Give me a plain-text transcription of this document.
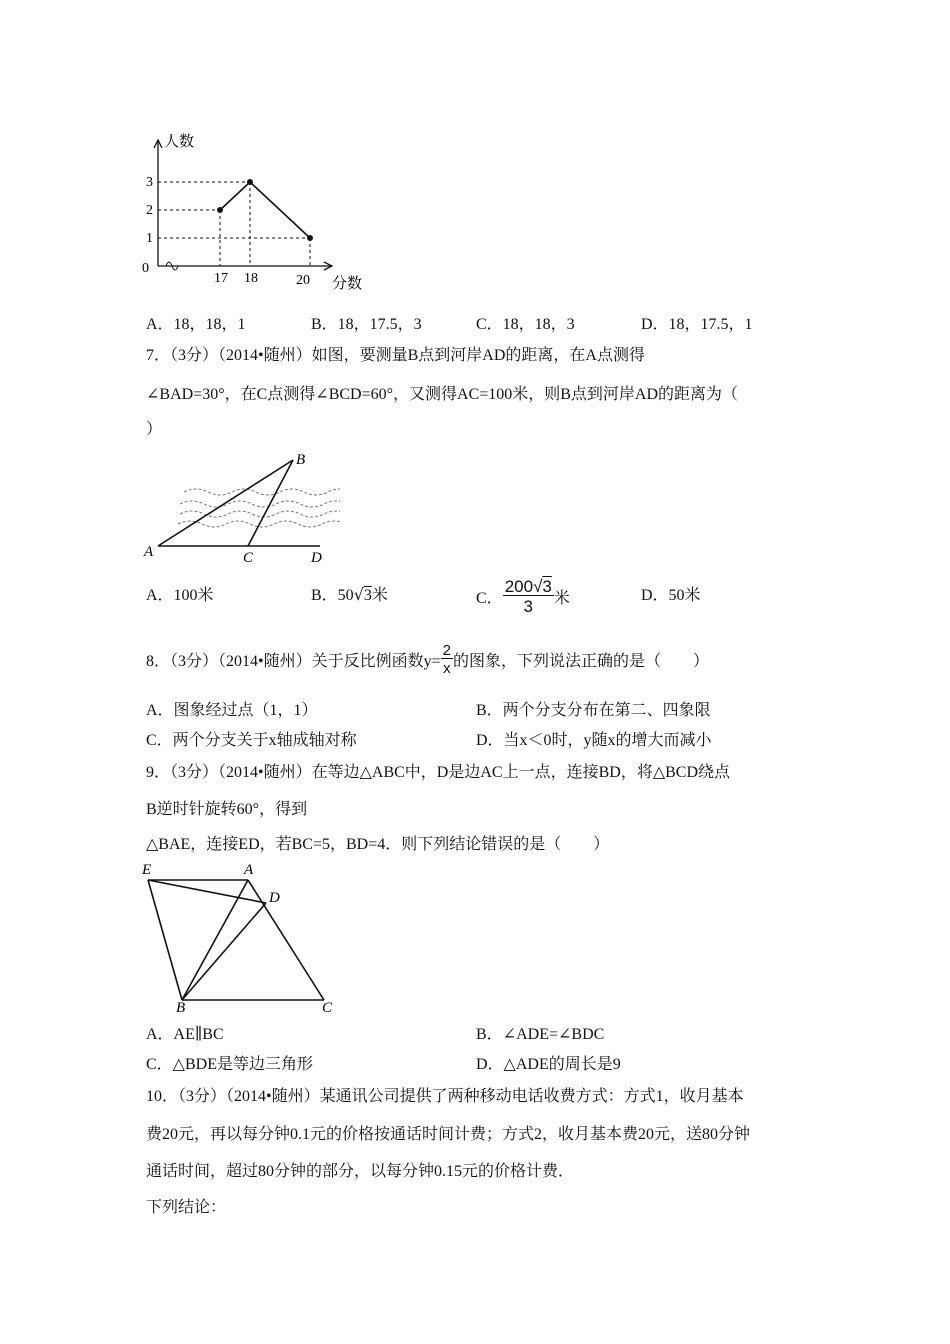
人数
分数
0
1
2
3
17 18	20
A．18，18，1	B．18，17.5，3	C．18，18，3	D．18，17.5，1
7．（3分）（2014•随州）如图，要测量B点到河岸AD的距离，在A点测得
∠BAD=30°，在C点测得∠BCD=60°，又测得AC=100米，则B点到河岸AD的距离为（
）
A
B
C	D
A．100米	B．50√3米	C． $\frac{200√3}{3}$ 米	D．50米
8．（3分）（2014•随州）关于反比例函数$y= \frac{2}{x}$ 的图象，下列说法正确的是（　　）
A．图象经过点（1，1）	B．两个分支分布在第二、四象限
C．两个分支关于x轴成轴对称	D．当x＜0时，y随x的增大而减小
9．（3分）（2014•随州）在等边△ABC中，D是边AC上一点，连接BD，将△BCD绕点
B逆时针旋转60°，得到
△BAE，连接ED，若BC=5，BD=4．则下列结论错误的是（　　）
E	A
D
B	C
A．AE∥BC	B．∠ADE=∠BDC
C．△BDE是等边三角形	D．△ADE的周长是9
10．（3分）（2014•随州）某通讯公司提供了两种移动电话收费方式：方式1，收月基本
费20元，再以每分钟0.1元的价格按通话时间计费；方式2，收月基本费20元，送80分钟
通话时间，超过80分钟的部分，以每分钟0.15元的价格计费．
下列结论：
